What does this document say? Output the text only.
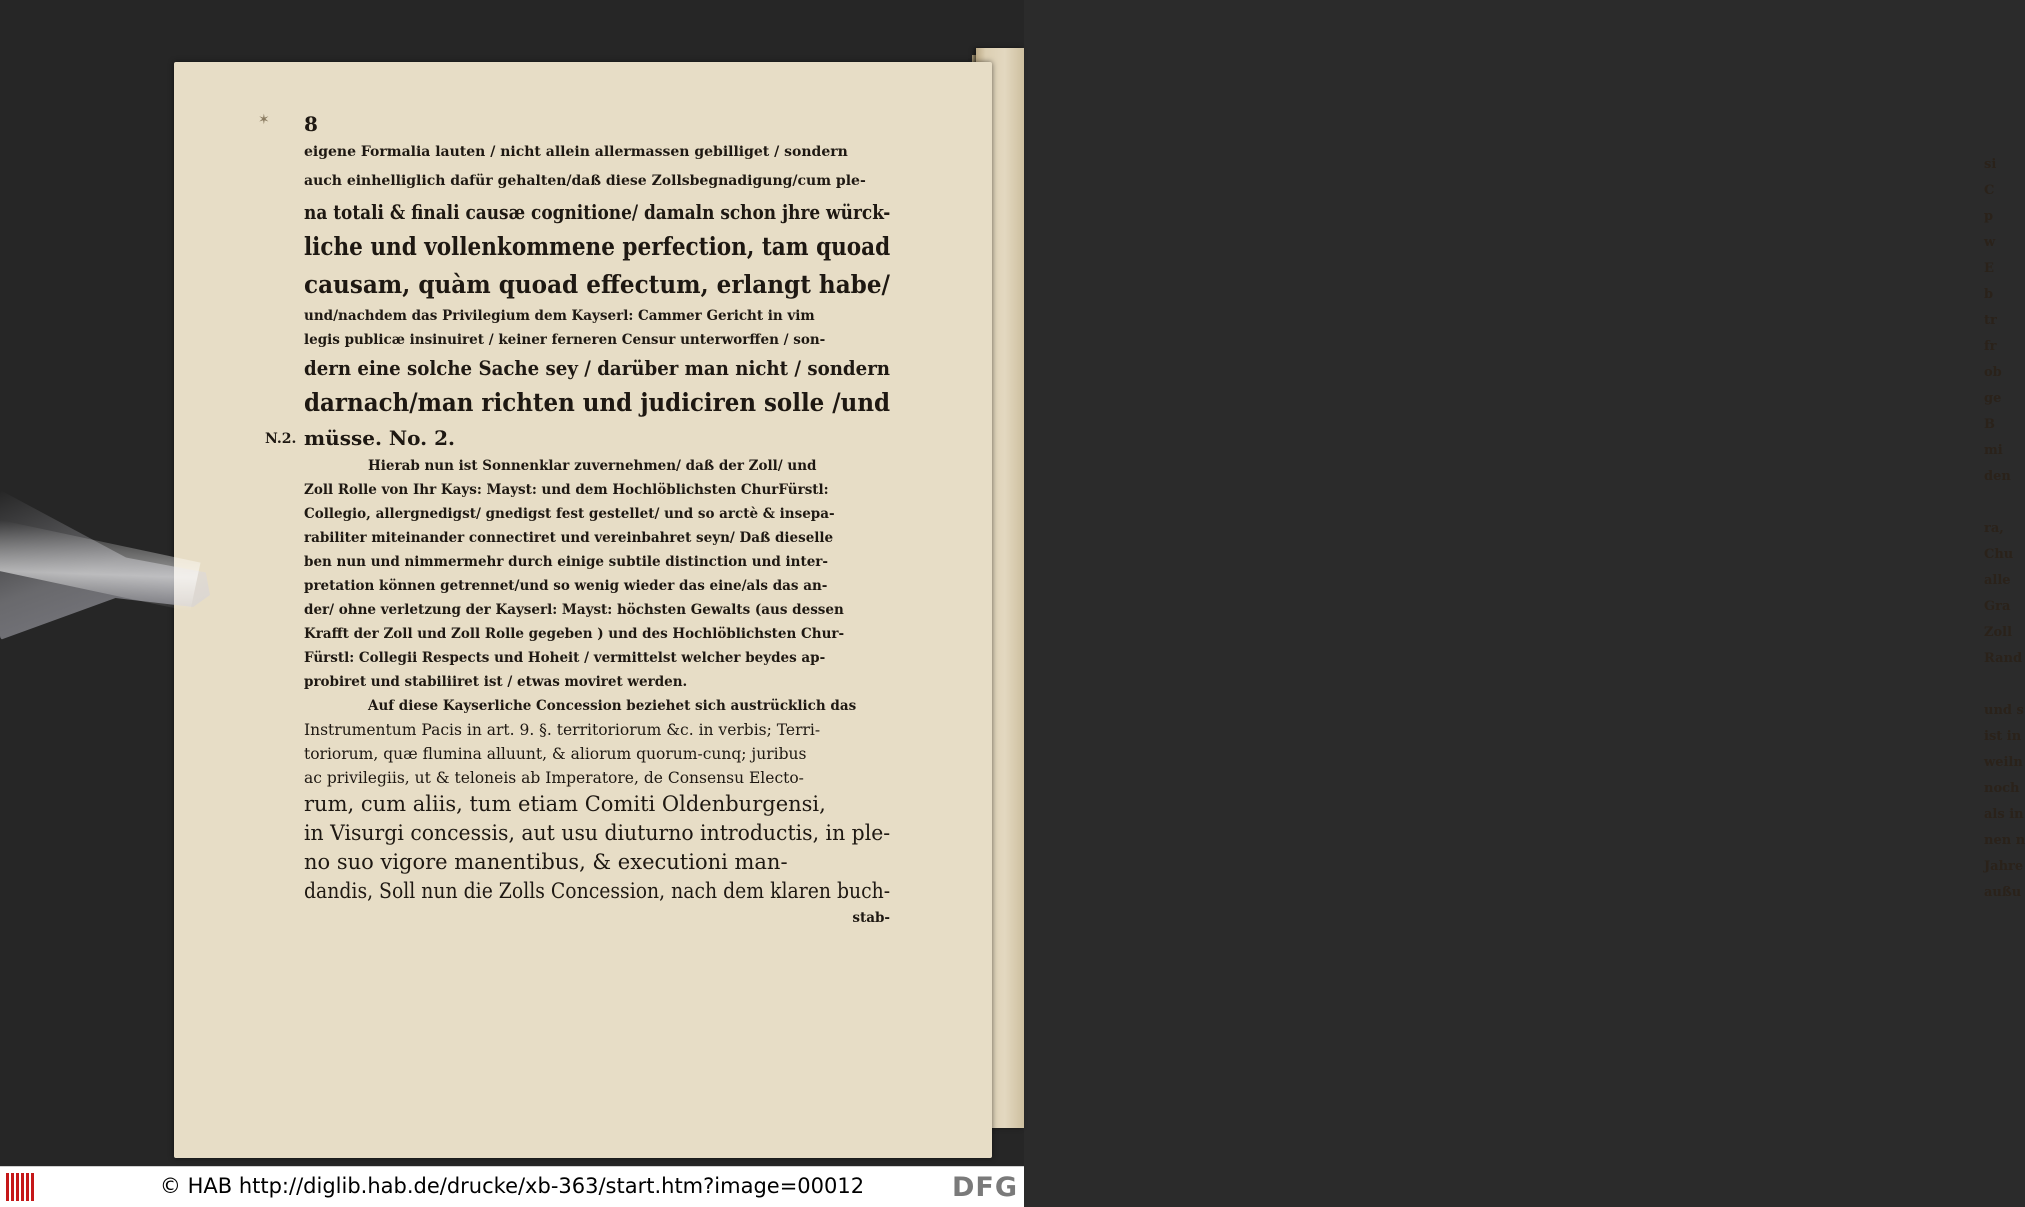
si
C
p
w
E
b
tr
fr
ob
ge
B
mi
den
ra,
Chu
alle
Gra
Zoll
Rand
und s
ist in
weiln
noch
als in
nen n
Jahre
außu
✶
N.2.
8
eigene Formalia lauten / nicht allein allermassen gebilliget / sondern
auch einhelliglich dafür gehalten/daß diese Zollsbegnadigung/cum ple-
na totali & finali causæ cognitione/ damaln schon jhre würck-
liche und vollenkommene perfection, tam quoad
causam, quàm quoad effectum, erlangt habe/
und/nachdem das Privilegium dem Kayserl: Cammer Gericht in vim
legis publicæ insinuiret / keiner ferneren Censur unterworffen / son-
dern eine solche Sache sey / darüber man nicht / sondern
darnach/man richten und judiciren solle /und
müsse. No. 2.
Hierab nun ist Sonnenklar zuvernehmen/ daß der Zoll/ und
Zoll Rolle von Ihr Kays: Mayst: und dem Hochlöblichsten ChurFürstl:
Collegio, allergnedigst/ gnedigst fest gestellet/ und so arctè & insepa-
rabiliter miteinander connectiret und vereinbahret seyn/ Daß dieselle
ben nun und nimmermehr durch einige subtile distinction und inter-
pretation können getrennet/und so wenig wieder das eine/als das an-
der/ ohne verletzung der Kayserl: Mayst: höchsten Gewalts (aus dessen
Krafft der Zoll und Zoll Rolle gegeben ) und des Hochlöblichsten Chur-
Fürstl: Collegii Respects und Hoheit / vermittelst welcher beydes ap-
probiret und stabiliiret ist / etwas moviret werden.
Auf diese Kayserliche Concession beziehet sich austrücklich das
Instrumentum Pacis in art. 9. §. territoriorum &c. in verbis; Terri-
toriorum, quæ flumina alluunt, & aliorum quorum-cunq; juribus
ac privilegiis, ut & teloneis ab Imperatore, de Consensu Electo-
rum, cum aliis, tum etiam Comiti Oldenburgensi,
in Visurgi concessis, aut usu diuturno introductis, in ple-
no suo vigore manentibus, & executioni man-
dandis, Soll nun die Zolls Concession, nach dem klaren buch-
stab-
© HAB http://diglib.hab.de/drucke/xb-363/start.htm?image=00012	DFG
